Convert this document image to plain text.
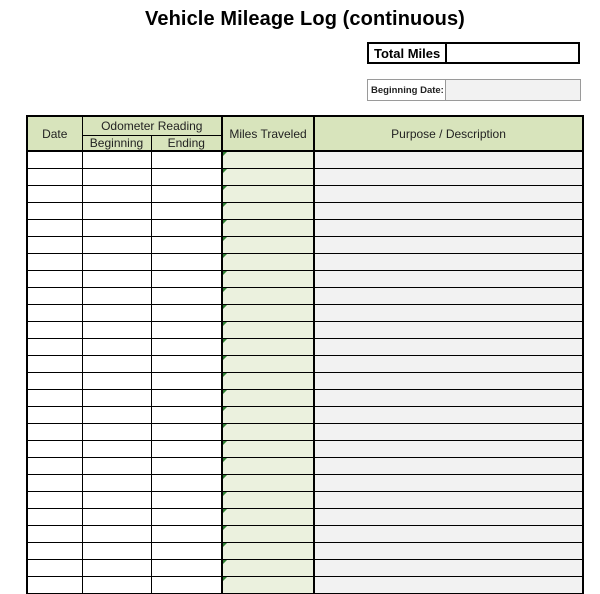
Vehicle Mileage Log (continuous)
Total Miles
Beginning Date:
Date	Odometer Reading		Miles Traveled	Purpose / Description
	Beginning	Ending		
